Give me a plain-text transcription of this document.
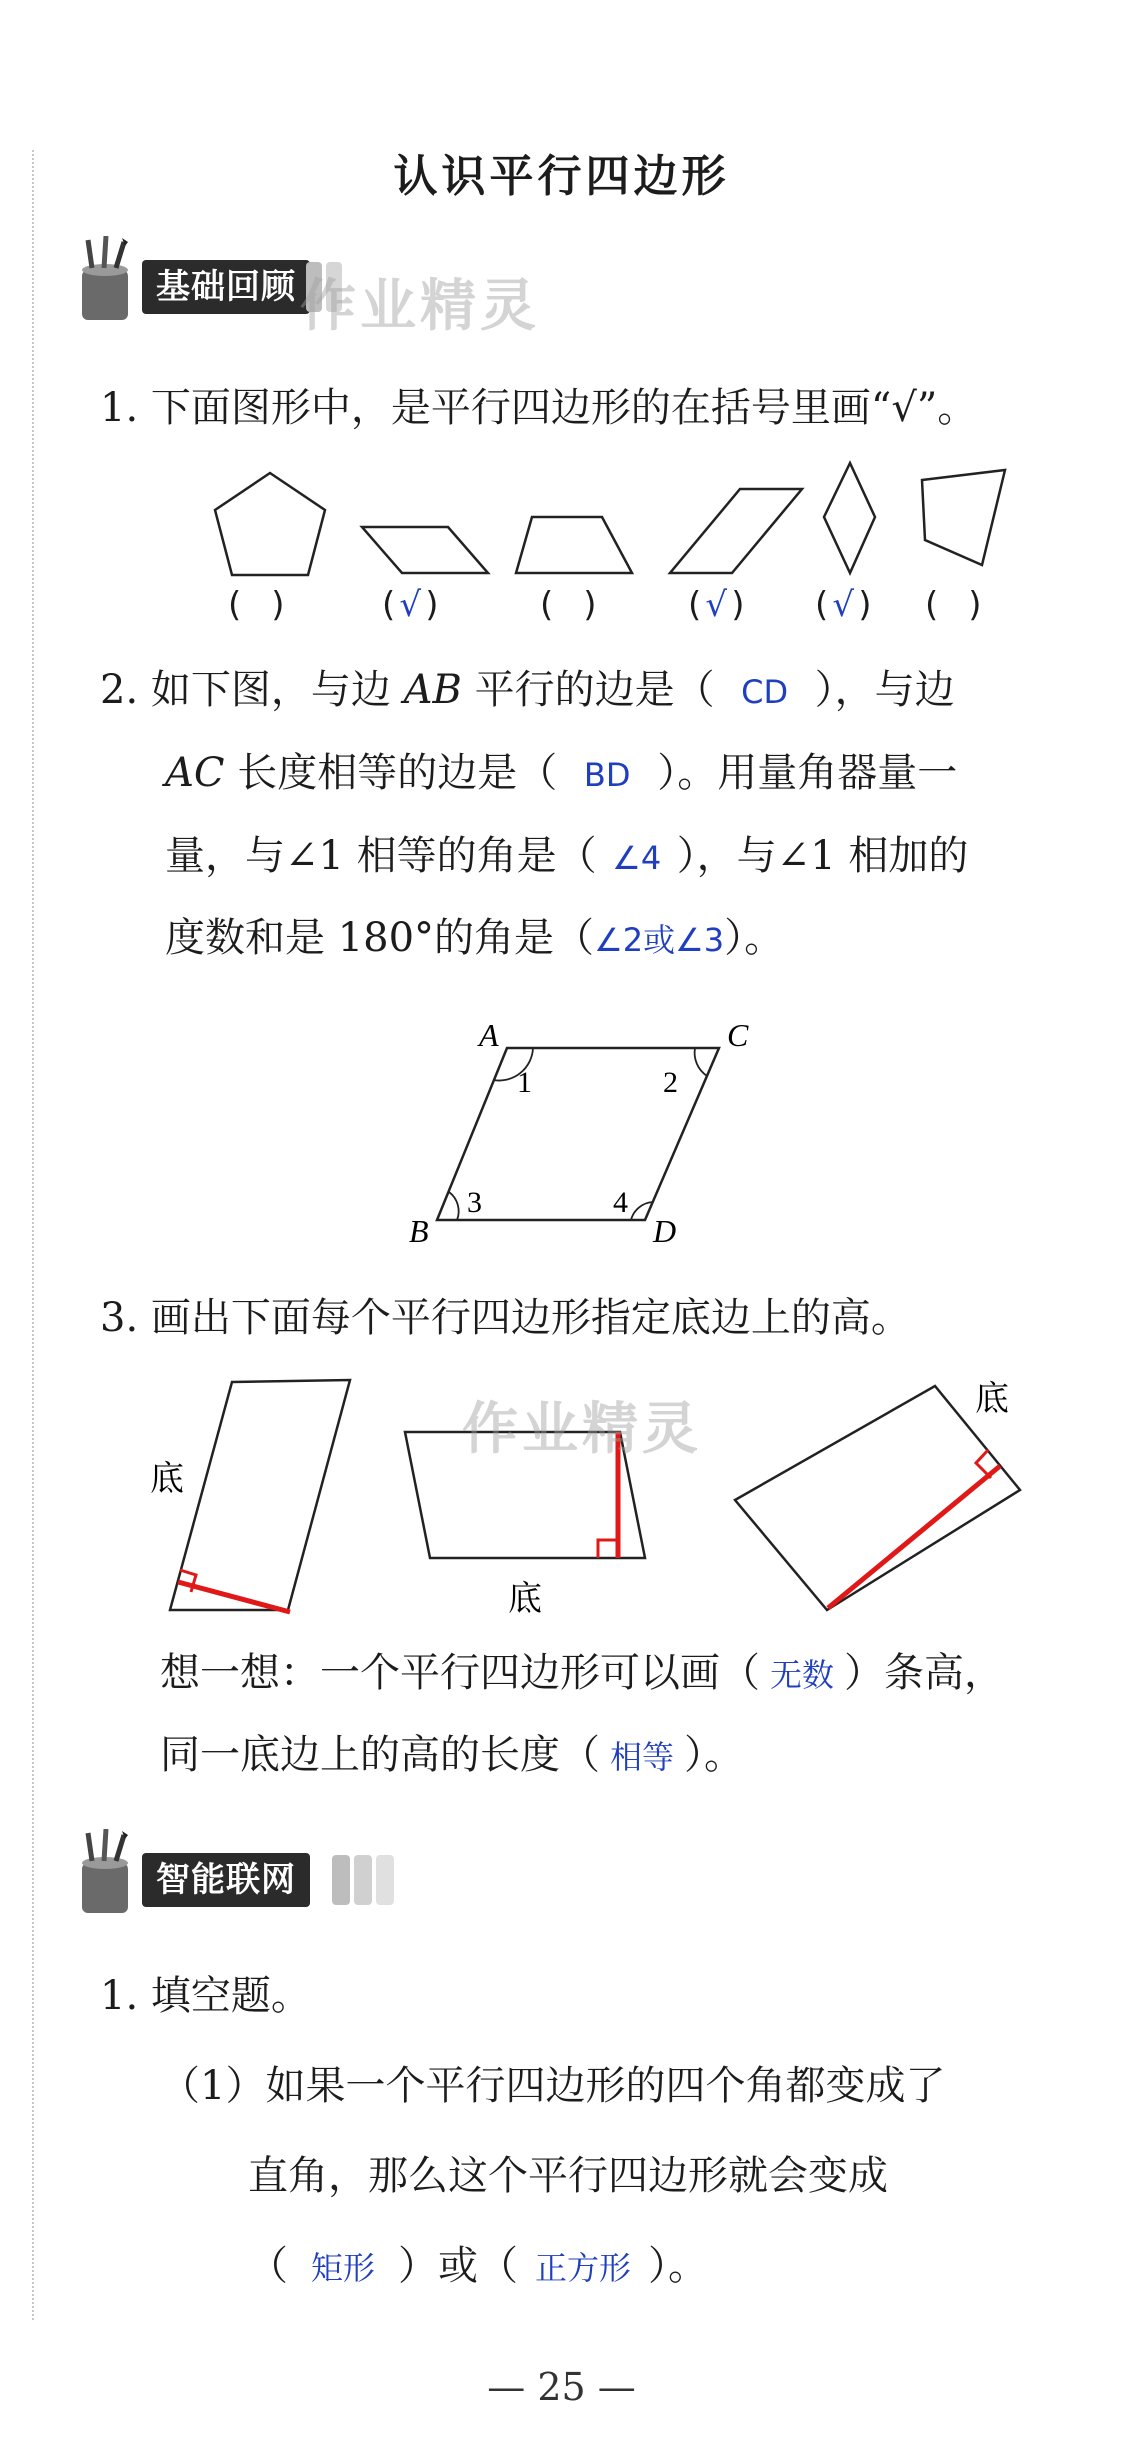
认识平行四边形
基础回顾 作业精灵
1. 下面图形中，是平行四边形的在括号里画“√”。
( )	( √ )	( )	( √ ) ( √ ) ( )
2. 如下图，与边 AB 平行的边是（ CD ），与边
AC 长度相等的边是（ BD ）。用量角器量一
量，与∠1 相等的角是（ ∠4 ），与∠1 相加的
度数和是 180°的角是（∠2或∠3）。
A	C
B	D
1	2
3	4
3. 画出下面每个平行四边形指定底边上的高。
底
底
底
作业精灵
想一想：一个平行四边形可以画（ 无数 ）条高，
同一底边上的高的长度（ 相等 ）。
智能联网
1. 填空题。
（1）如果一个平行四边形的四个角都变成了
直角，那么这个平行四边形就会变成
（ 矩形 ）或（ 正方形 ）。
— 25 —
